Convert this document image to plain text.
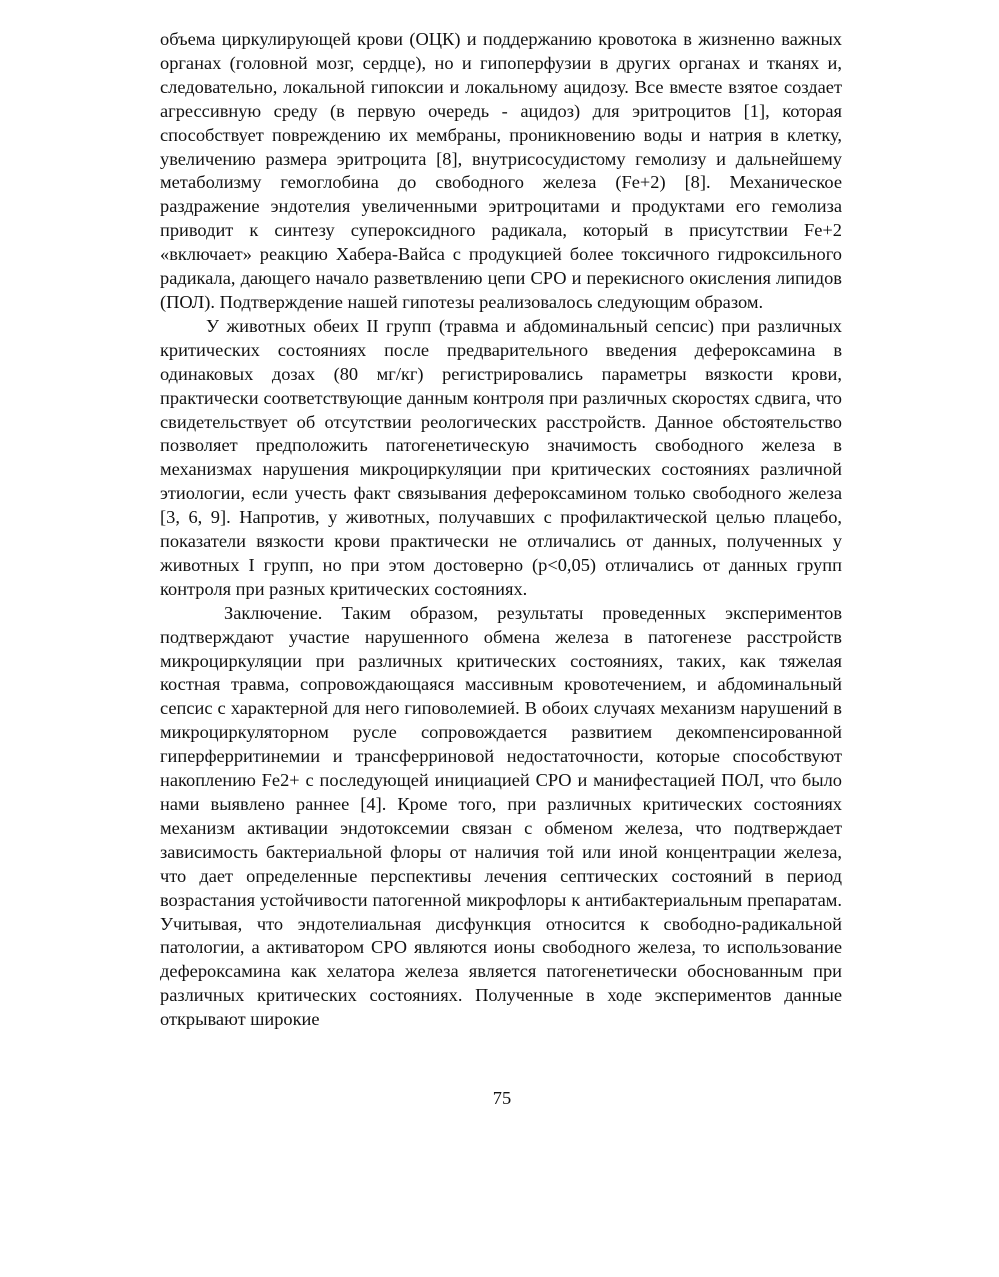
объема циркулирующей крови (ОЦК) и поддержанию кровотока в жизненно важных органах (головной мозг, сердце), но и гипоперфузии в других органах и тканях и, следовательно, локальной гипоксии и локальному ацидозу. Все вместе взятое создает агрессивную среду (в первую очередь - ацидоз) для эритроцитов [1], которая способствует повреждению их мембраны, проникновению воды и натрия в клетку, увеличению размера эритроцита [8], внутрисосудистому гемолизу и дальнейшему метаболизму гемоглобина до свободного железа (Fe+2) [8]. Механическое раздражение эндотелия увеличенными эритроцитами и продуктами его гемолиза приводит к синтезу супероксидного радикала, который в присутствии Fe+2 «включает» реакцию Хабера-Вайса с продукцией более токсичного гидроксильного радикала, дающего начало разветвлению цепи СРО и перекисного окисления липидов (ПОЛ). Подтверждение нашей гипотезы реализовалось следующим образом.

У животных обеих II групп (травма и абдоминальный сепсис) при различных критических состояниях после предварительного введения дефероксамина в одинаковых дозах (80 мг/кг) регистрировались параметры вязкости крови, практически соответствующие данным контроля при различных скоростях сдвига, что свидетельствует об отсутствии реологических расстройств. Данное обстоятельство позволяет предположить патогенетическую значимость свободного железа в механизмах нарушения микроциркуляции при критических состояниях различной этиологии, если учесть факт связывания дефероксамином только свободного железа [3, 6, 9]. Напротив, у животных, получавших с профилактической целью плацебо, показатели вязкости крови практически не отличались от данных, полученных у животных I групп, но при этом достоверно (p<0,05) отличались от данных групп контроля при разных критических состояниях.

Заключение. Таким образом, результаты проведенных экспериментов подтверждают участие нарушенного обмена железа в патогенезе расстройств микроциркуляции при различных критических состояниях, таких, как тяжелая костная травма, сопровождающаяся массивным кровотечением, и абдоминальный сепсис с характерной для него гиповолемией. В обоих случаях механизм нарушений в микроциркуляторном русле сопровождается развитием декомпенсированной гиперферритинемии и трансферриновой недостаточности, которые способствуют накоплению Fe2+ с последующей инициацией СРО и манифестацией ПОЛ, что было нами выявлено раннее [4]. Кроме того, при различных критических состояниях механизм активации эндотоксемии связан с обменом железа, что подтверждает зависимость бактериальной флоры от наличия той или иной концентрации железа, что дает определенные перспективы лечения септических состояний в период возрастания устойчивости патогенной микрофлоры к антибактериальным препаратам. Учитывая, что эндотелиальная дисфункция относится к свободно-радикальной патологии, а активатором СРО являются ионы свободного железа, то использование дефероксамина как хелатора железа является патогенетически обоснованным при различных критических состояниях. Полученные в ходе экспериментов данные открывают широкие

75
